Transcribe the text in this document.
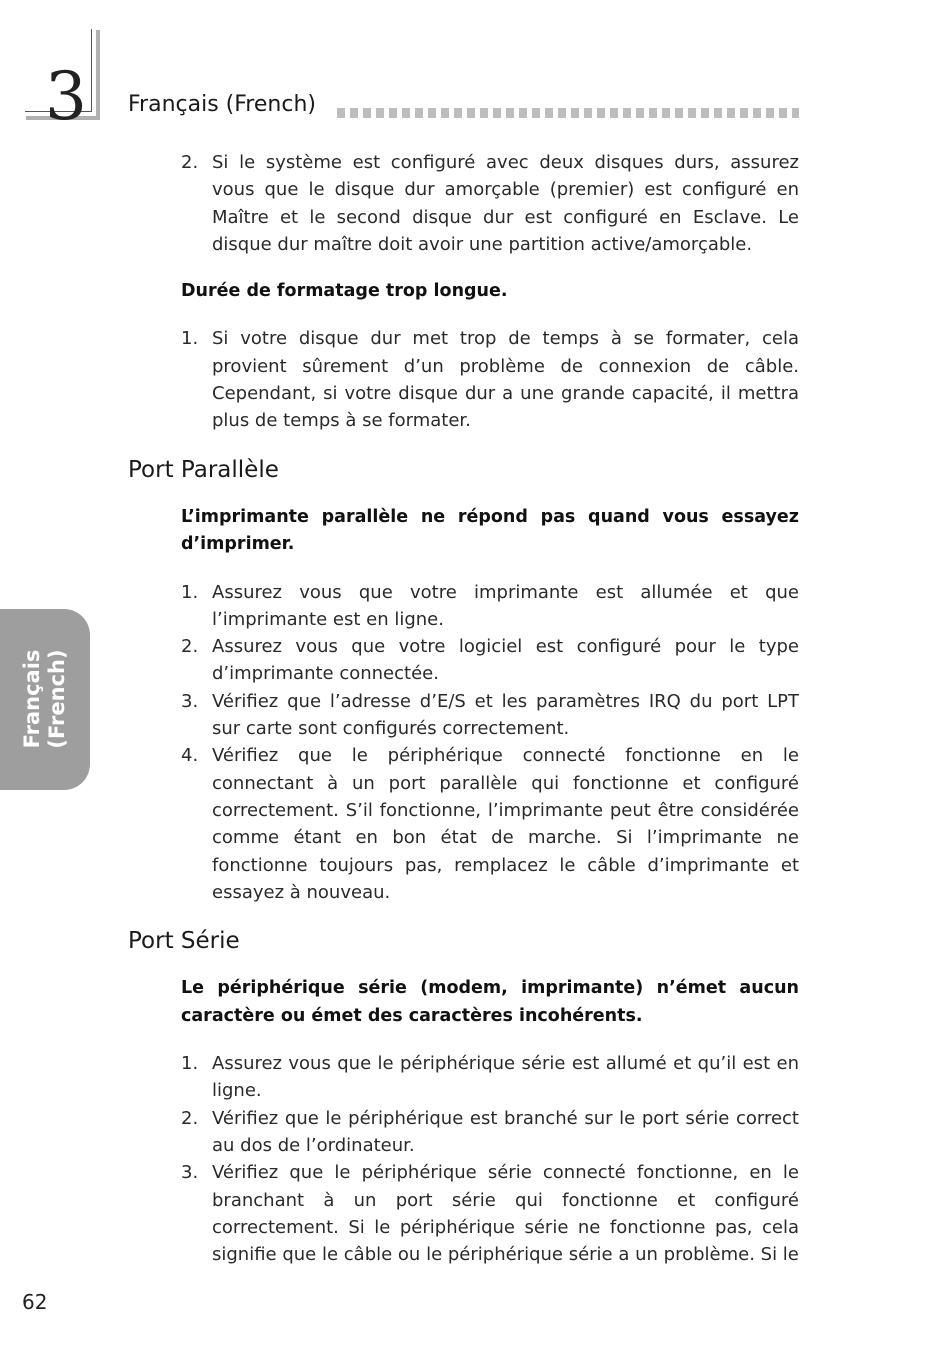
3	Français (French)
Français (French)
2. Si le système est configuré avec deux disques durs, assurez vous que le disque dur amorçable (premier) est configuré en Maître et le second disque dur est configuré en Esclave. Le disque dur maître doit avoir une partition active/amorçable.
Durée de formatage trop longue.
1. Si votre disque dur met trop de temps à se formater, cela provient sûrement d’un problème de connexion de câble. Cependant, si votre disque dur a une grande capacité, il mettra plus de temps à se formater.
Port Parallèle
L’imprimante parallèle ne répond pas quand vous essayez d’imprimer.
1. Assurez vous que votre imprimante est allumée et que l’imprimante est en ligne.
2. Assurez vous que votre logiciel est configuré pour le type d’imprimante connectée.
3. Vérifiez que l’adresse d’E/S et les paramètres IRQ du port LPT sur carte sont configurés correctement.
4. Vérifiez que le périphérique connecté fonctionne en le connectant à un port parallèle qui fonctionne et configuré correctement. S’il fonctionne, l’imprimante peut être considérée comme étant en bon état de marche. Si l’imprimante ne fonctionne toujours pas, remplacez le câble d’imprimante et essayez à nouveau.
Port Série
Le périphérique série (modem, imprimante) n’émet aucun caractère ou émet des caractères incohérents.
1. Assurez vous que le périphérique série est allumé et qu’il est en ligne.
2. Vérifiez que le périphérique est branché sur le port série correct au dos de l’ordinateur.
3. Vérifiez que le périphérique série connecté fonctionne, en le branchant à un port série qui fonctionne et configuré correctement. Si le périphérique série ne fonctionne pas, cela signifie que le câble ou le périphérique série a un problème. Si le
62
